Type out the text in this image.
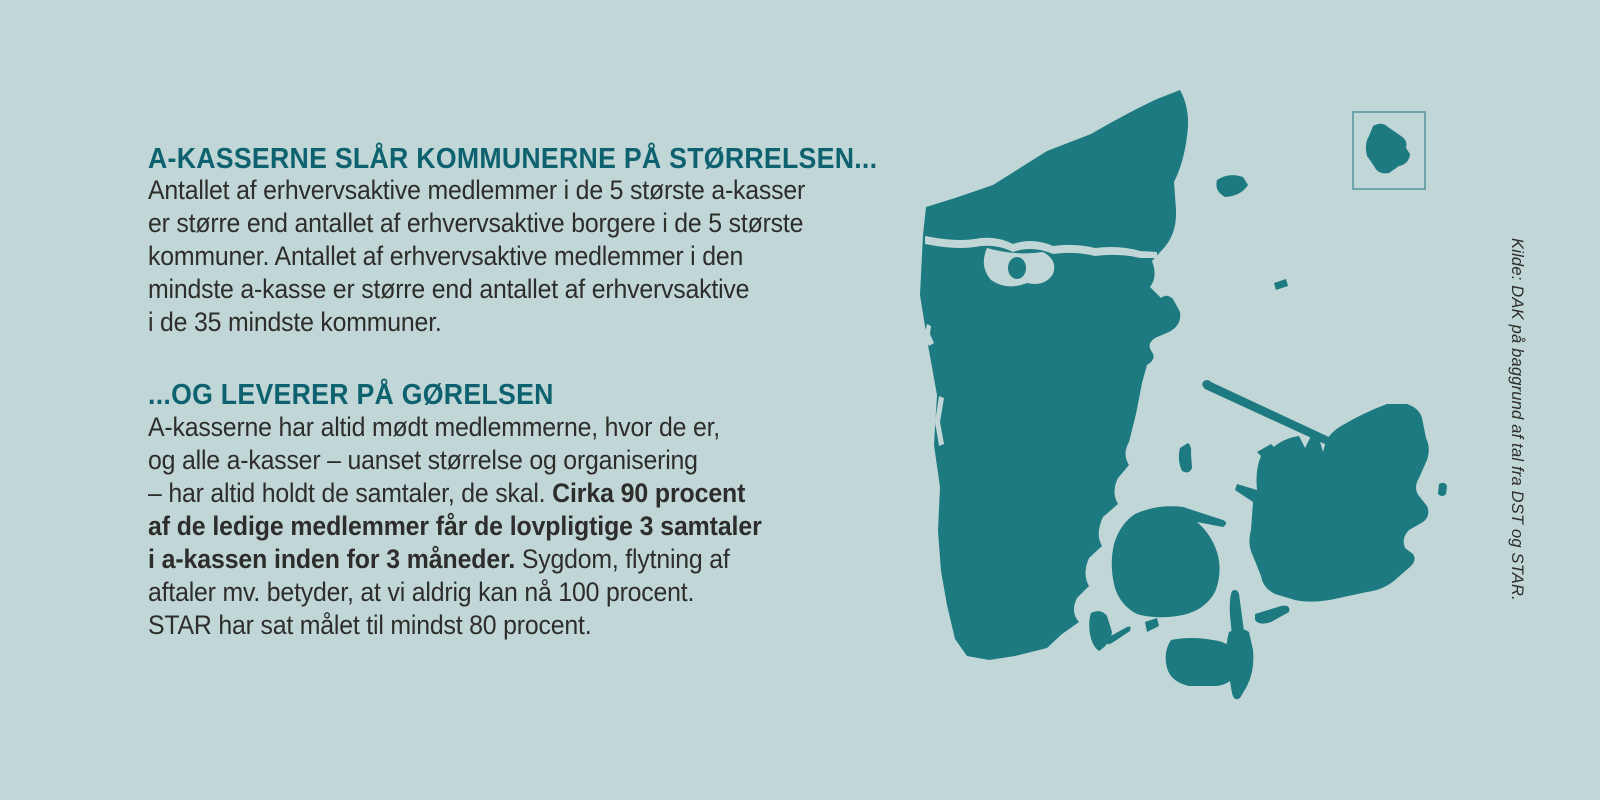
A-KASSERNE SLÅR KOMMUNERNE PÅ STØRRELSEN...

Antallet af erhvervsaktive medlemmer i de 5 største a-kasser
er større end antallet af erhvervsaktive borgere i de 5 største
kommuner. Antallet af erhvervsaktive medlemmer i den
mindste a-kasse er større end antallet af erhvervsaktive
i de 35 mindste kommuner.

...OG LEVERER PÅ GØRELSEN

A-kasserne har altid mødt medlemmerne, hvor de er,
og alle a-kasser – uanset størrelse og organisering
– har altid holdt de samtaler, de skal. Cirka 90 procent
af de ledige medlemmer får de lovpligtige 3 samtaler
i a-kassen inden for 3 måneder. Sygdom, flytning af
aftaler mv. betyder, at vi aldrig kan nå 100 procent.
STAR har sat målet til mindst 80 procent.

Kilde: DAK på baggrund af tal fra DST og STAR.
